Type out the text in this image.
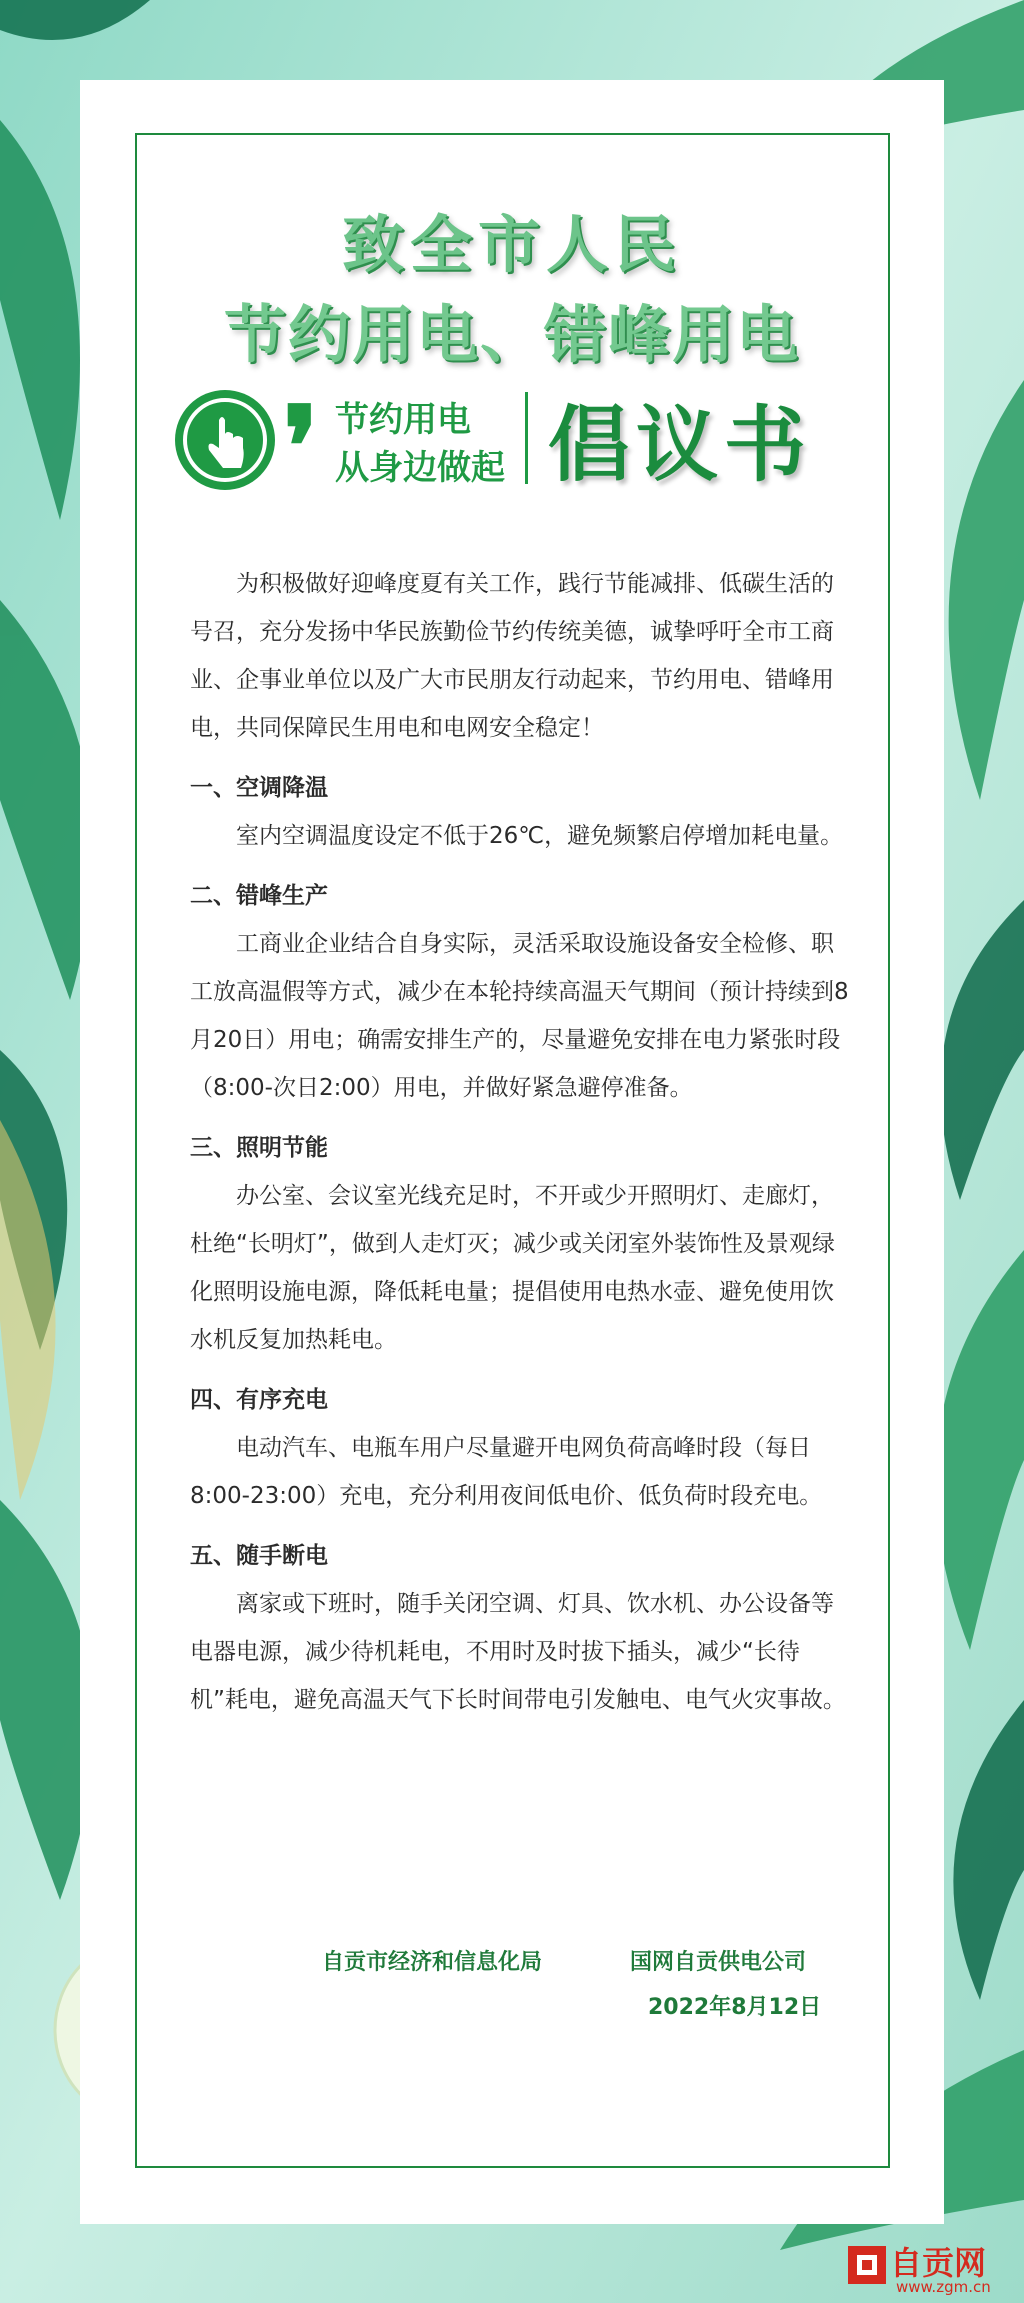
致全市人民
节约用电、错峰用电
❜ 节约用电
从身边做起 倡议书

为积极做好迎峰度夏有关工作，践行节能减排、低碳生活的号召，充分发扬中华民族勤俭节约传统美德，诚挚呼吁全市工商业、企事业单位以及广大市民朋友行动起来，节约用电、错峰用电，共同保障民生用电和电网安全稳定！

一、空调降温

室内空调温度设定不低于26℃，避免频繁启停增加耗电量。

二、错峰生产

工商业企业结合自身实际，灵活采取设施设备安全检修、职工放高温假等方式，减少在本轮持续高温天气期间（预计持续到8月20日）用电；确需安排生产的，尽量避免安排在电力紧张时段（8:00-次日2:00）用电，并做好紧急避停准备。

三、照明节能

办公室、会议室光线充足时，不开或少开照明灯、走廊灯，杜绝“长明灯”，做到人走灯灭；减少或关闭室外装饰性及景观绿化照明设施电源，降低耗电量；提倡使用电热水壶、避免使用饮水机反复加热耗电。

四、有序充电

电动汽车、电瓶车用户尽量避开电网负荷高峰时段（每日8:00-23:00）充电，充分利用夜间低电价、低负荷时段充电。

五、随手断电

离家或下班时，随手关闭空调、灯具、饮水机、办公设备等电器电源，减少待机耗电，不用时及时拔下插头，减少“长待机”耗电，避免高温天气下长时间带电引发触电、电气火灾事故。

自贡市经济和信息化局	国网自贡供电公司
2022年8月12日
自贡网
www.zgm.cn
